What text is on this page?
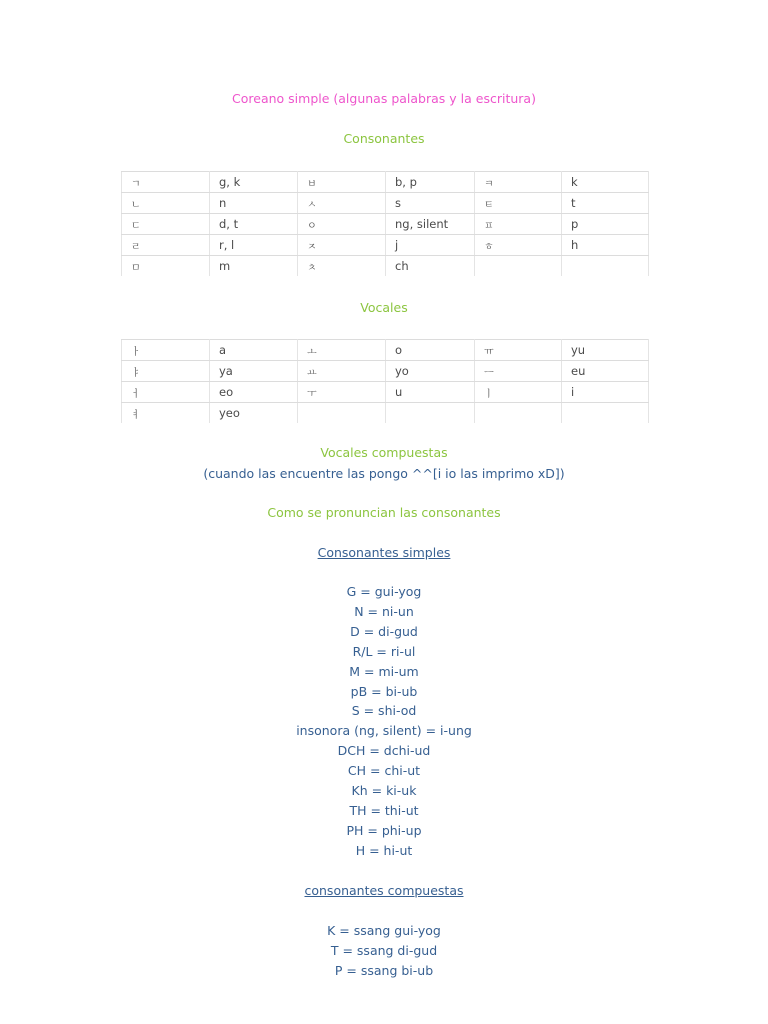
Coreano simple (algunas palabras y la escritura)
Consonantes
ㄱ	g, k	ㅂ	b, p	ㅋ	k
ㄴ	n	ㅅ	s	ㅌ	t
ㄷ	d, t	ㅇ	ng, silent	ㅍ	p
ㄹ	r, l	ㅈ	j	ㅎ	h
ㅁ	m	ㅊ	ch		
Vocales
ㅏ	a	ㅗ	o	ㅠ	yu
ㅑ	ya	ㅛ	yo	ㅡ	eu
ㅓ	eo	ㅜ	u	ㅣ	i
ㅕ	yeo				
Vocales compuestas
(cuando las encuentre las pongo ^^[i io las imprimo xD])
Como se pronuncian las consonantes
Consonantes simples
G = gui-yog
N = ni-un
D = di-gud
R/L = ri-ul
M = mi-um
pB = bi-ub
S = shi-od
insonora (ng, silent) = i-ung
DCH = dchi-ud
CH = chi-ut
Kh = ki-uk
TH = thi-ut
PH = phi-up
H = hi-ut
consonantes compuestas
K = ssang gui-yog
T = ssang di-gud
P = ssang bi-ub
